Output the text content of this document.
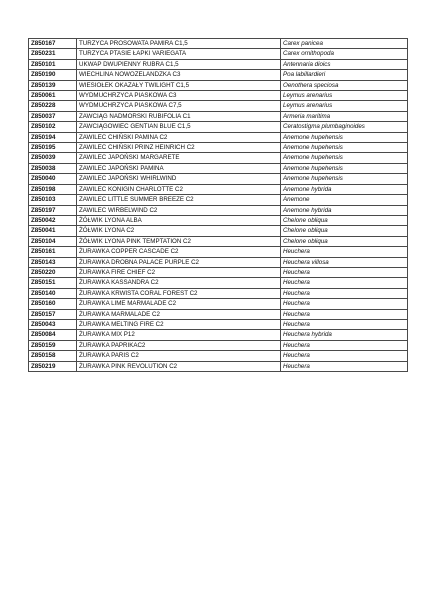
Z850167	TURZYCA PROSOWATA PAMIRA C1,5	Carex panicea
Z850231	TURZYCA PTASIE ŁAPKI VARIEGATA	Carex ornithopoda
Z850101	UKWAP DWUPIENNY RUBRA C1,5	Antennaria dioics
Z850190	WIECHLINA NOWOZELANDZKA C3	Poa labillardieri
Z850139	WIESIOŁEK OKAZAŁY TWILIGHT C1,5	Oenothera speciosa
Z850061	WYDMUCHRZYCA PIASKOWA C3	Leymus arenarius
Z850228	WYDMUCHRZYCA PIASKOWA C7,5	Leymus arenarius
Z850037	ZAWCIĄG NADMORSKI RUBIFOLIA C1	Armeria maritima
Z850102	ZAWCIĄGOWIEC GENTIAN BLUE C1,5	Ceratostigma plumbaginoides
Z850194	ZAWILEC CHIŃSKI PAMINA C2	Anemone hupehensis
Z850195	ZAWILEC CHIŃSKI PRINZ HEINRICH C2	Anemone hupehensis
Z850039	ZAWILEC JAPOŃSKI MARGARETE	Anemone hupehensis
Z850038	ZAWILEC JAPOŃSKI PAMINA	Anemone hupehensis
Z850040	ZAWILEC JAPOŃSKI WHIRLWIND	Anemone hupehensis
Z850198	ZAWILEC KONIGIN CHARLOTTE C2	Anemone hybrida
Z850103	ZAWILEC LITTLE SUMMER BREEZE C2	Anemone
Z850197	ZAWILEC WIRBELWIND C2	Anemone hybrida
Z850042	ŻÓŁWIK LYONA ALBA	Chelone obliqua
Z850041	ŻÓŁWIK LYONA C2	Chelone obliqua
Z850104	ŻÓŁWIK LYONA PINK TEMPTATION C2	Chelone obliqua
Z850161	ŻURAWKA COPPER CASCADE C2	Heuchera
Z850143	ŻURAWKA DROBNA PALACE PURPLE C2	Heuchera villosa
Z850220	ŻURAWKA FIRE CHIEF C2	Heuchera
Z850151	ŻURAWKA KASSANDRA C2	Heuchera
Z850140	ŻURAWKA KRWISTA CORAL FOREST C2	Heuchera
Z850160	ŻURAWKA LIME MARMALADE C2	Heuchera
Z850157	ŻURAWKA MARMALADE C2	Heuchera
Z850043	ŻURAWKA MELTING FIRE C2	Heuchera
Z850084	ŻURAWKA MIX P12	Heuchera hybrida
Z850159	ŻURAWKA PAPRIKAC2	Heuchera
Z850158	ŻURAWKA PARIS C2	Heuchera
Z850219	ŻURAWKA PINK REVOLUTION C2	Heuchera
